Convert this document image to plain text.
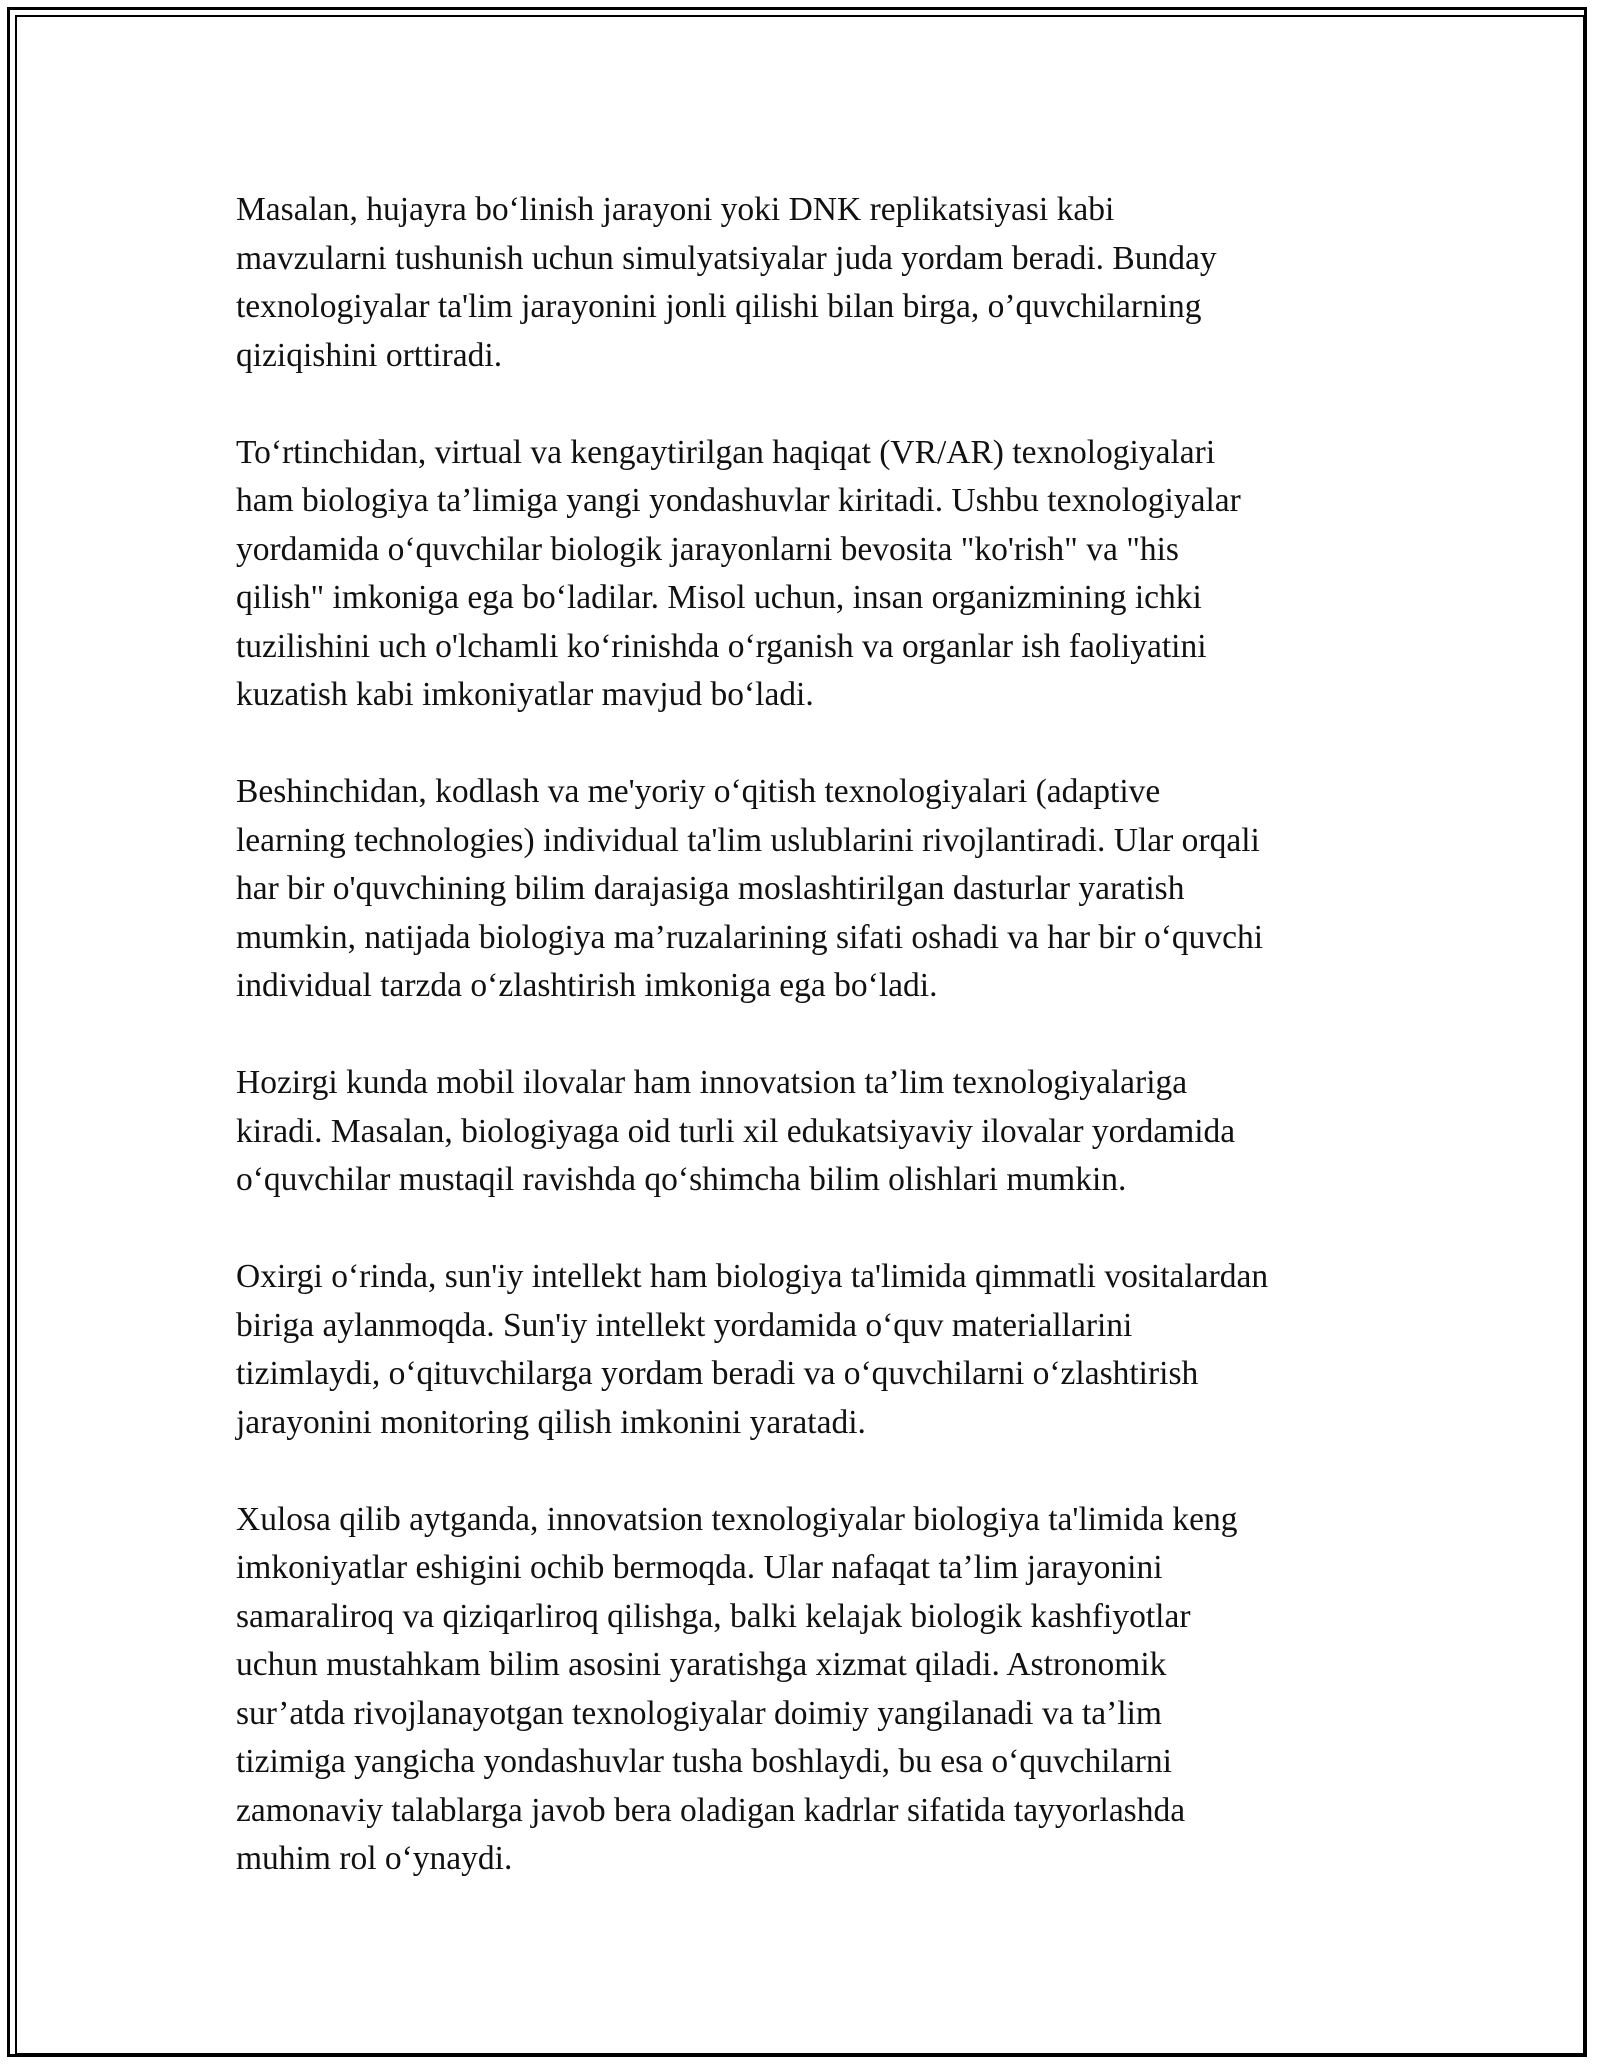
Masalan, hujayra boʻlinish jarayoni yoki DNK replikatsiyasi kabi
mavzularni tushunish uchun simulyatsiyalar juda yordam beradi. Bunday
texnologiyalar ta'lim jarayonini jonli qilishi bilan birga, o’quvchilarning
qiziqishini orttiradi.

Toʻrtinchidan, virtual va kengaytirilgan haqiqat (VR/AR) texnologiyalari
ham biologiya ta’limiga yangi yondashuvlar kiritadi. Ushbu texnologiyalar
yordamida oʻquvchilar biologik jarayonlarni bevosita "ko'rish" va "his
qilish" imkoniga ega boʻladilar. Misol uchun, insan organizmining ichki
tuzilishini uch o'lchamli koʻrinishda oʻrganish va organlar ish faoliyatini
kuzatish kabi imkoniyatlar mavjud boʻladi.

Beshinchidan, kodlash va me'yoriy oʻqitish texnologiyalari (adaptive
learning technologies) individual ta'lim uslublarini rivojlantiradi. Ular orqali
har bir o'quvchining bilim darajasiga moslashtirilgan dasturlar yaratish
mumkin, natijada biologiya ma’ruzalarining sifati oshadi va har bir oʻquvchi
individual tarzda oʻzlashtirish imkoniga ega boʻladi.

Hozirgi kunda mobil ilovalar ham innovatsion ta’lim texnologiyalariga
kiradi. Masalan, biologiyaga oid turli xil edukatsiyaviy ilovalar yordamida
oʻquvchilar mustaqil ravishda qoʻshimcha bilim olishlari mumkin.

Oxirgi oʻrinda, sun'iy intellekt ham biologiya ta'limida qimmatli vositalardan
biriga aylanmoqda. Sun'iy intellekt yordamida oʻquv materiallarini
tizimlaydi, oʻqituvchilarga yordam beradi va oʻquvchilarni oʻzlashtirish
jarayonini monitoring qilish imkonini yaratadi.

Xulosa qilib aytganda, innovatsion texnologiyalar biologiya ta'limida keng
imkoniyatlar eshigini ochib bermoqda. Ular nafaqat ta’lim jarayonini
samaraliroq va qiziqarliroq qilishga, balki kelajak biologik kashfiyotlar
uchun mustahkam bilim asosini yaratishga xizmat qiladi. Astronomik
sur’atda rivojlanayotgan texnologiyalar doimiy yangilanadi va ta’lim
tizimiga yangicha yondashuvlar tusha boshlaydi, bu esa oʻquvchilarni
zamonaviy talablarga javob bera oladigan kadrlar sifatida tayyorlashda
muhim rol oʻynaydi.
